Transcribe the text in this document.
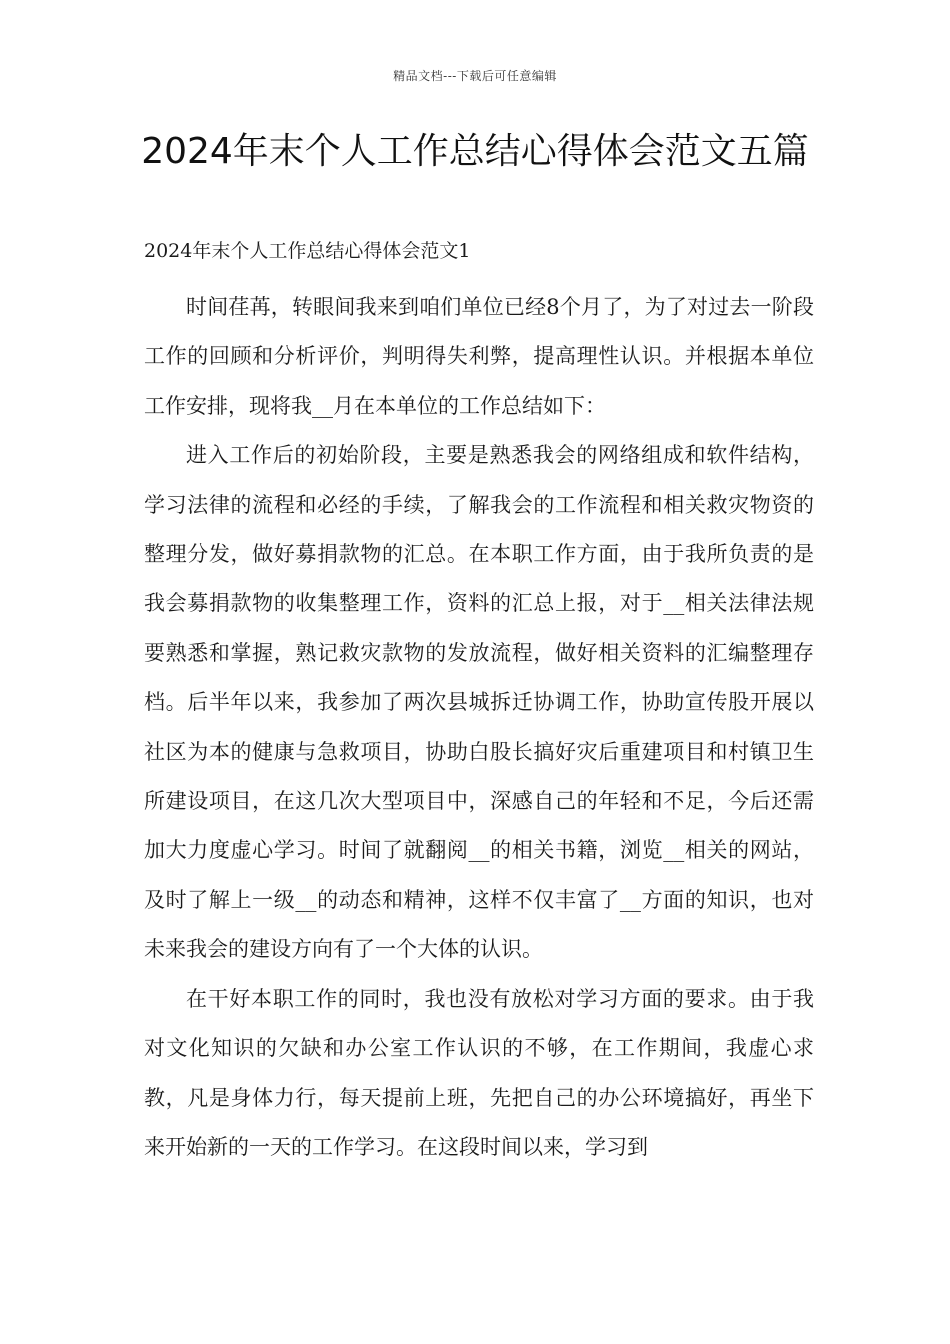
精品文档---下载后可任意编辑
2024年末个人工作总结心得体会范文五篇
2024年末个人工作总结心得体会范文1

时间荏苒，转眼间我来到咱们单位已经8个月了，为了对过去一阶段工作的回顾和分析评价，判明得失利弊，提高理性认识。并根据本单位工作安排，现将我__月在本单位的工作总结如下：

进入工作后的初始阶段，主要是熟悉我会的网络组成和软件结构，学习法律的流程和必经的手续，了解我会的工作流程和相关救灾物资的整理分发，做好募捐款物的汇总。在本职工作方面，由于我所负责的是我会募捐款物的收集整理工作，资料的汇总上报，对于__相关法律法规要熟悉和掌握，熟记救灾款物的发放流程，做好相关资料的汇编整理存档。后半年以来，我参加了两次县城拆迁协调工作，协助宣传股开展以社区为本的健康与急救项目，协助白股长搞好灾后重建项目和村镇卫生所建设项目，在这几次大型项目中，深感自己的年轻和不足，今后还需加大力度虚心学习。时间了就翻阅__的相关书籍，浏览__相关的网站，及时了解上一级__的动态和精神，这样不仅丰富了__方面的知识，也对未来我会的建设方向有了一个大体的认识。

在干好本职工作的同时，我也没有放松对学习方面的要求。由于我对文化知识的欠缺和办公室工作认识的不够，在工作期间，我虚心求教，凡是身体力行，每天提前上班，先把自己的办公环境搞好，再坐下来开始新的一天的工作学习。在这段时间以来，学习到
